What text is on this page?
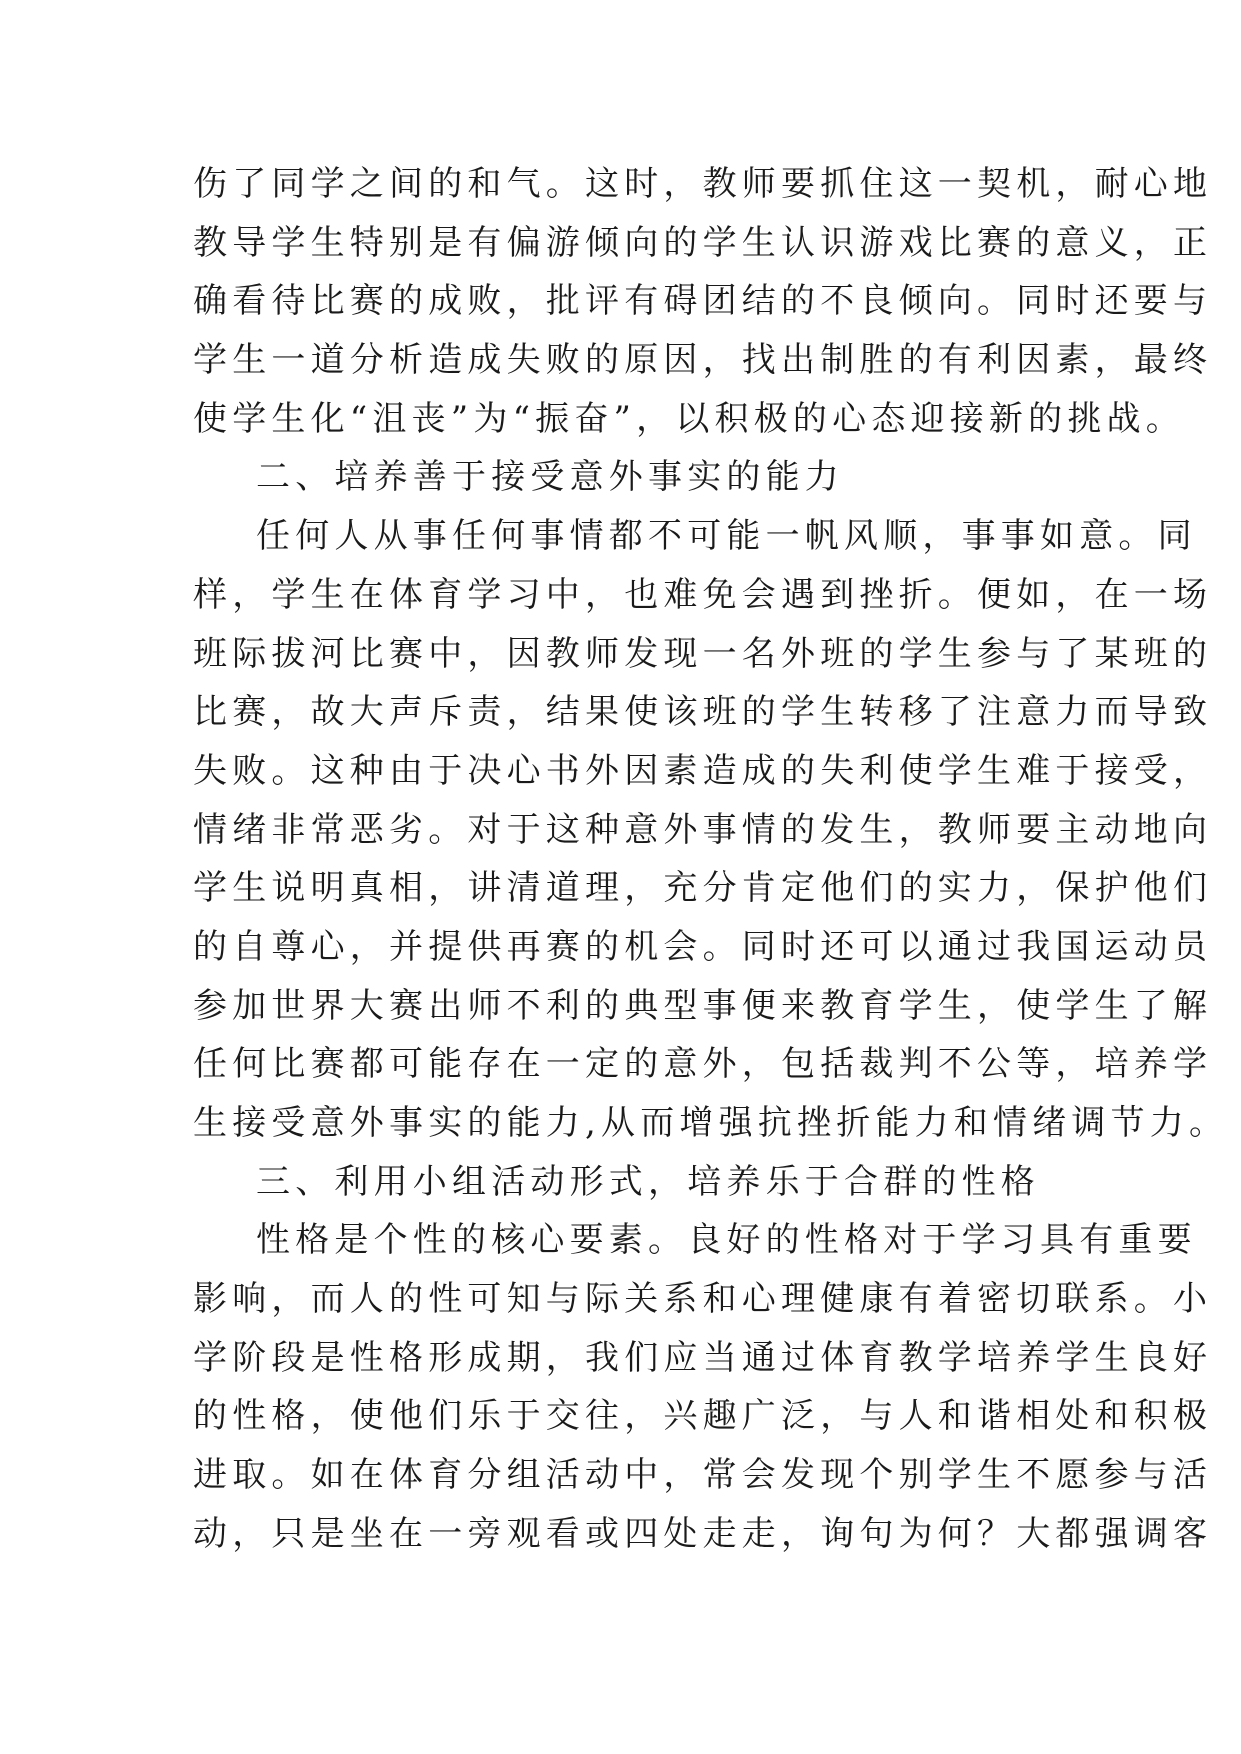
伤了同学之间的和气。这时，教师要抓住这一契机，耐心地
教导学生特别是有偏游倾向的学生认识游戏比赛的意义，正
确看待比赛的成败，批评有碍团结的不良倾向。同时还要与
学生一道分析造成失败的原因，找出制胜的有利因素，最终
使学生化“沮丧”为“振奋”，以积极的心态迎接新的挑战。
二、培养善于接受意外事实的能力
任何人从事任何事情都不可能一帆风顺，事事如意。同
样，学生在体育学习中，也难免会遇到挫折。便如，在一场
班际拔河比赛中，因教师发现一名外班的学生参与了某班的
比赛，故大声斥责，结果使该班的学生转移了注意力而导致
失败。这种由于决心书外因素造成的失利使学生难于接受，
情绪非常恶劣。对于这种意外事情的发生，教师要主动地向
学生说明真相，讲清道理，充分肯定他们的实力，保护他们
的自尊心，并提供再赛的机会。同时还可以通过我国运动员
参加世界大赛出师不利的典型事便来教育学生，使学生了解
任何比赛都可能存在一定的意外，包括裁判不公等，培养学
生接受意外事实的能力,从而增强抗挫折能力和情绪调节力。
三、利用小组活动形式，培养乐于合群的性格
性格是个性的核心要素。良好的性格对于学习具有重要
影响，而人的性可知与际关系和心理健康有着密切联系。小
学阶段是性格形成期，我们应当通过体育教学培养学生良好
的性格，使他们乐于交往，兴趣广泛，与人和谐相处和积极
进取。如在体育分组活动中，常会发现个别学生不愿参与活
动，只是坐在一旁观看或四处走走，询句为何？大都强调客
